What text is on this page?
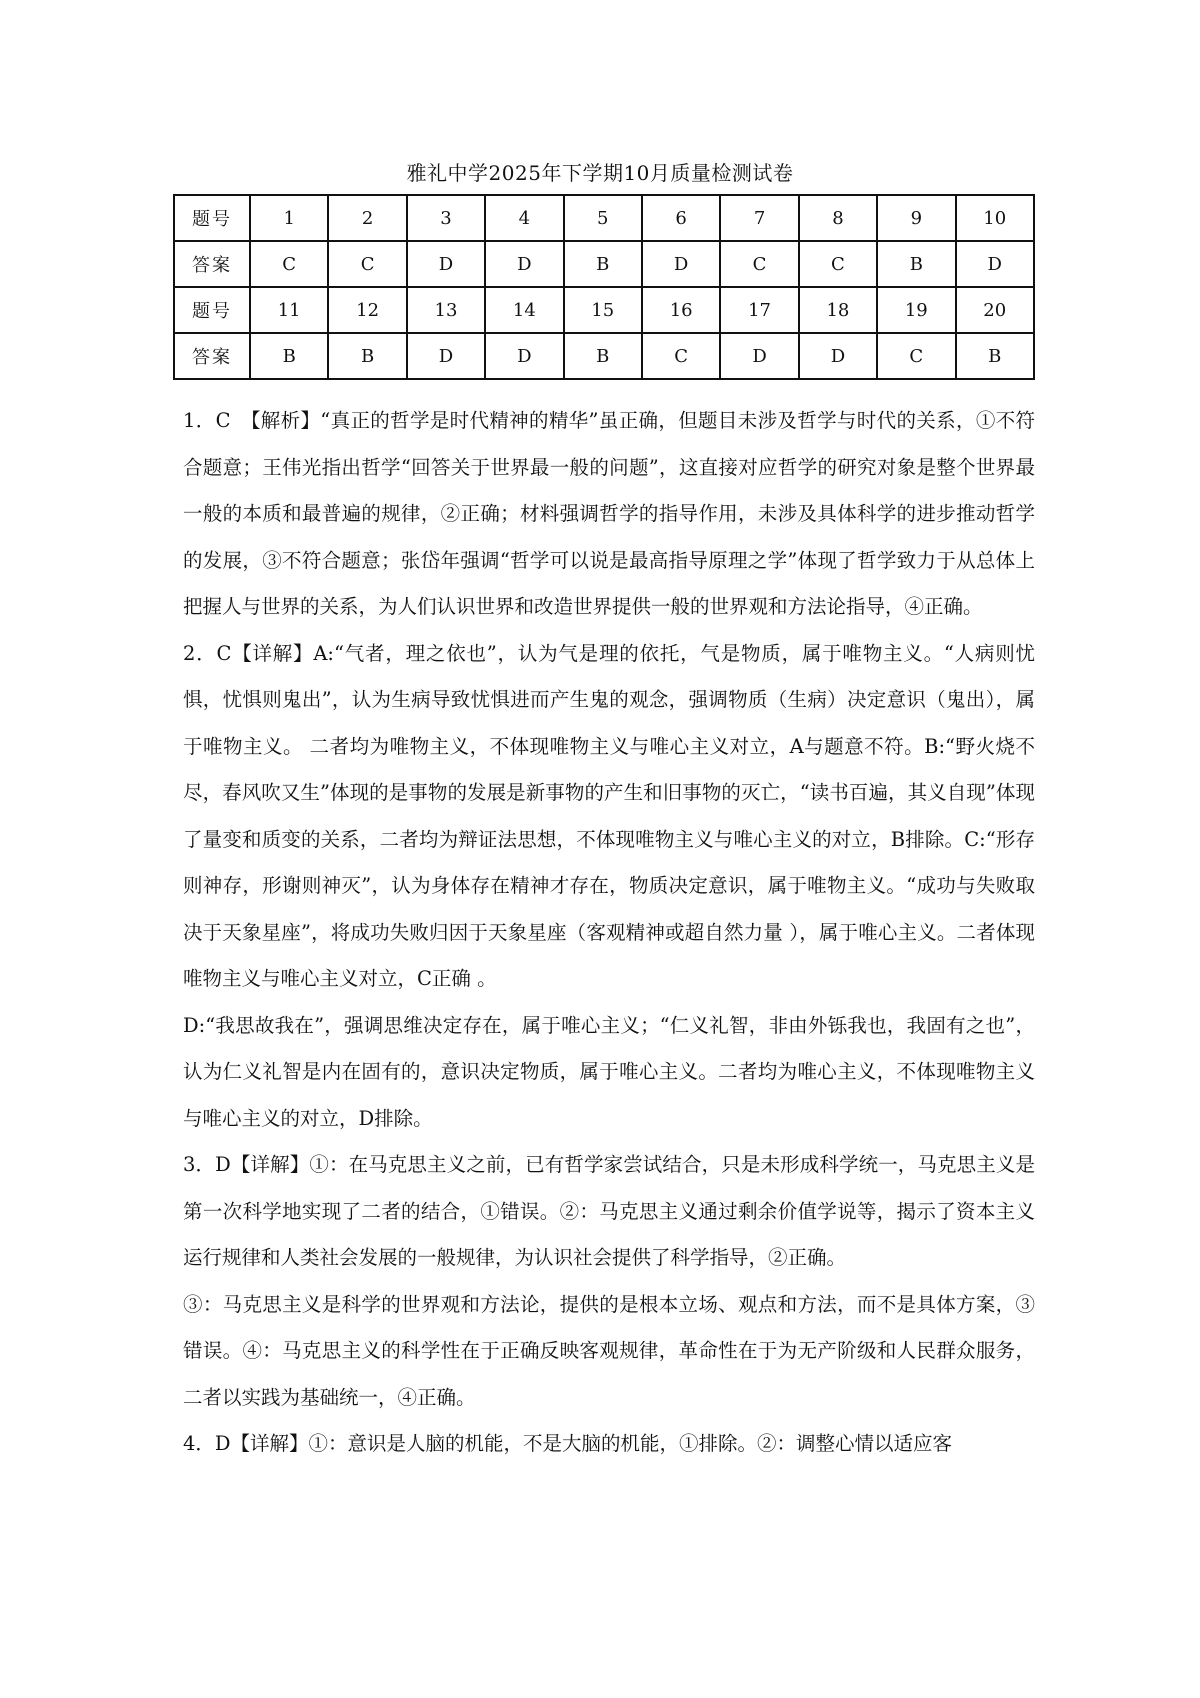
雅礼中学2025年下学期10月质量检测试卷
题号	1	2	3	4	5	6	7	8	9	10
答案	C	C	D	D	B	D	C	C	B	D
题号	11	12	13	14	15	16	17	18	19	20
答案	B	B	D	D	B	C	D	D	C	B

1．C　【解析】“真正的哲学是时代精神的精华”虽正确，但题目未涉及哲学与时代的关系，①不符合题意；王伟光指出哲学“回答关于世界最一般的问题”，这直接对应哲学的研究对象是整个世界最一般的本质和最普遍的规律，②正确；材料强调哲学的指导作用，未涉及具体科学的进步推动哲学的发展，③不符合题意；张岱年强调“哲学可以说是最高指导原理之学”体现了哲学致力于从总体上把握人与世界的关系，为人们认识世界和改造世界提供一般的世界观和方法论指导，④正确。

2．C【详解】A:“气者，理之依也”，认为气是理的依托，气是物质，属于唯物主义。“人病则忧惧，忧惧则鬼出”，认为生病导致忧惧进而产生鬼的观念，强调物质（生病）决定意识（鬼出），属于唯物主义。 二者均为唯物主义，不体现唯物主义与唯心主义对立，A与题意不符。B:“野火烧不尽，春风吹又生”体现的是事物的发展是新事物的产生和旧事物的灭亡，“读书百遍，其义自现”体现了量变和质变的关系，二者均为辩证法思想，不体现唯物主义与唯心主义的对立，B排除。C:“形存则神存，形谢则神灭”，认为身体存在精神才存在，物质决定意识，属于唯物主义。“成功与失败取决于天象星座”，将成功失败归因于天象星座（客观精神或超自然力量 ），属于唯心主义。二者体现唯物主义与唯心主义对立，C正确 。

D:“我思故我在”，强调思维决定存在，属于唯心主义；“仁义礼智，非由外铄我也，我固有之也”，认为仁义礼智是内在固有的，意识决定物质，属于唯心主义。二者均为唯心主义，不体现唯物主义与唯心主义的对立，D排除。

3．D【详解】①：在马克思主义之前，已有哲学家尝试结合，只是未形成科学统一，马克思主义是第一次科学地实现了二者的结合，①错误。②：马克思主义通过剩余价值学说等，揭示了资本主义运行规律和人类社会发展的一般规律，为认识社会提供了科学指导，②正确。

③：马克思主义是科学的世界观和方法论，提供的是根本立场、观点和方法，而不是具体方案，③错误。④：马克思主义的科学性在于正确反映客观规律，革命性在于为无产阶级和人民群众服务，二者以实践为基础统一，④正确。

4．D【详解】①：意识是人脑的机能，不是大脑的机能，①排除。②：调整心情以适应客
